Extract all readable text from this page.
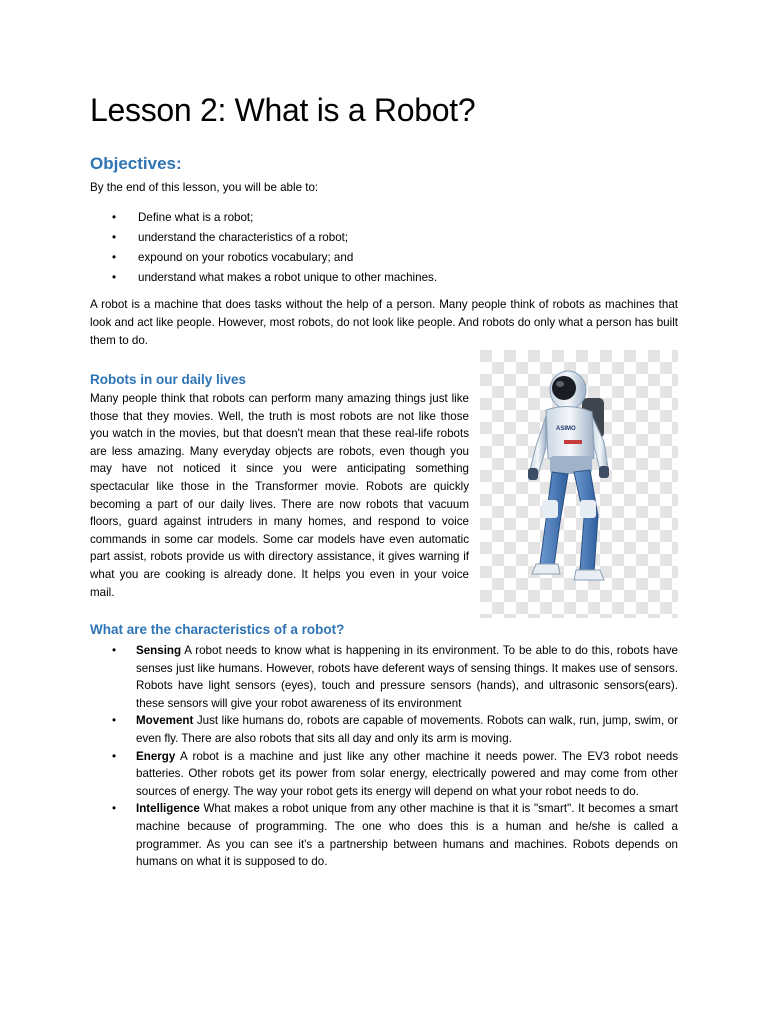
Lesson 2: What is a Robot?
Objectives:

By the end of this lesson, you will be able to:

• Define what is a robot;
• understand the characteristics of a robot;
• expound on your robotics vocabulary; and
• understand what makes a robot unique to other machines.

A robot is a machine that does tasks without the help of a person. Many people think of robots as machines that look and act like people. However, most robots, do not look like people. And robots do only what a person has built them to do.

Robots in our daily lives

Many people think that robots can perform many amazing things just like those that they movies. Well, the truth is most robots are not like those you watch in the movies, but that doesn't mean that these real-life robots are less amazing. Many everyday objects are robots, even though you may have not noticed it since you were anticipating something spectacular like those in the Transformer movie. Robots are quickly becoming a part of our daily lives. There are now robots that vacuum floors, guard against intruders in many homes, and respond to voice commands in some car models. Some car models have even automatic part assist, robots provide us with directory assistance, it gives warning if what you are cooking is already done. It helps you even in your voice mail.

ASIMO
What are the characteristics of a robot?
• Sensing A robot needs to know what is happening in its environment. To be able to do this, robots have senses just like humans. However, robots have deferent ways of sensing things. It makes use of sensors. Robots have light sensors (eyes), touch and pressure sensors (hands), and ultrasonic sensors(ears). these sensors will give your robot awareness of its environment
• Movement Just like humans do, robots are capable of movements. Robots can walk, run, jump, swim, or even fly. There are also robots that sits all day and only its arm is moving.
• Energy A robot is a machine and just like any other machine it needs power. The EV3 robot needs batteries. Other robots get its power from solar energy, electrically powered and may come from other sources of energy. The way your robot gets its energy will depend on what your robot needs to do.
• Intelligence What makes a robot unique from any other machine is that it is "smart". It becomes a smart machine because of programming. The one who does this is a human and he/she is called a programmer. As you can see it's a partnership between humans and machines. Robots depends on humans on what it is supposed to do.
